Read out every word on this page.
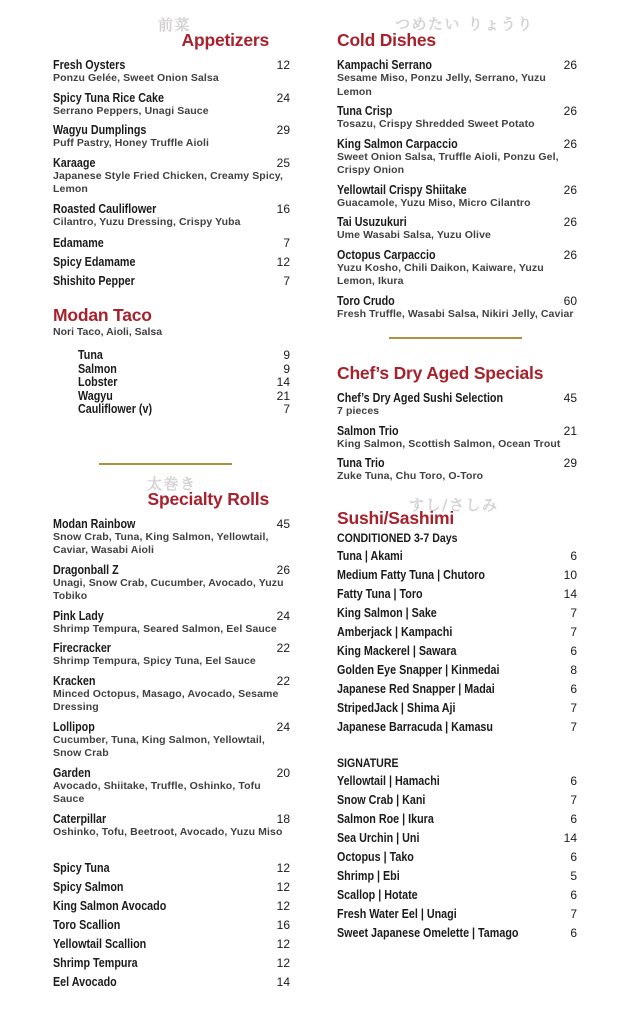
前菜
Appetizers
Fresh Oysters	12
Ponzu Gelée, Sweet Onion Salsa
Spicy Tuna Rice Cake	24
Serrano Peppers, Unagi Sauce
Wagyu Dumplings	29
Puff Pastry, Honey Truffle Aioli
Karaage	25
Japanese Style Fried Chicken, Creamy Spicy, Lemon
Roasted Cauliflower	16
Cilantro, Yuzu Dressing, Crispy Yuba
Edamame	7
Spicy Edamame	12
Shishito Pepper	7
Modan Taco
Nori Taco, Aioli, Salsa
Tuna	9
Salmon	9
Lobster	14
Wagyu	21
Cauliflower (v)	7
太巻き
Specialty Rolls
Modan Rainbow	45
Snow Crab, Tuna, King Salmon, Yellowtail, Caviar, Wasabi Aioli
Dragonball Z	26
Unagi, Snow Crab, Cucumber, Avocado, Yuzu Tobiko
Pink Lady	24
Shrimp Tempura, Seared Salmon, Eel Sauce
Firecracker	22
Shrimp Tempura, Spicy Tuna, Eel Sauce
Kracken	22
Minced Octopus, Masago, Avocado, Sesame Dressing
Lollipop	24
Cucumber, Tuna, King Salmon, Yellowtail, Snow Crab
Garden	20
Avocado, Shiitake, Truffle, Oshinko, Tofu Sauce
Caterpillar	18
Oshinko, Tofu, Beetroot, Avocado, Yuzu Miso
Spicy Tuna	12
Spicy Salmon	12
King Salmon Avocado	12
Toro Scallion	16
Yellowtail Scallion	12
Shrimp Tempura	12
Eel Avocado	14
つめたい りょうり
Cold Dishes
Kampachi Serrano	26
Sesame Miso, Ponzu Jelly, Serrano, Yuzu Lemon
Tuna Crisp	26
Tosazu, Crispy Shredded Sweet Potato
King Salmon Carpaccio	26
Sweet Onion Salsa, Truffle Aioli, Ponzu Gel, Crispy Onion
Yellowtail Crispy Shiitake	26
Guacamole, Yuzu Miso, Micro Cilantro
Tai Usuzukuri	26
Ume Wasabi Salsa, Yuzu Olive
Octopus Carpaccio	26
Yuzu Kosho, Chili Daikon, Kaiware, Yuzu Lemon, Ikura
Toro Crudo	60
Fresh Truffle, Wasabi Salsa, Nikiri Jelly, Caviar
Chef’s Dry Aged Specials
Chef’s Dry Aged Sushi Selection	45
7 pieces
Salmon Trio	21
King Salmon, Scottish Salmon, Ocean Trout
Tuna Trio	29
Zuke Tuna, Chu Toro, O-Toro
すし/さしみ
Sushi/Sashimi
CONDITIONED 3-7 Days
Tuna | Akami	6
Medium Fatty Tuna | Chutoro	10
Fatty Tuna | Toro	14
King Salmon | Sake	7
Amberjack | Kampachi	7
King Mackerel | Sawara	6
Golden Eye Snapper | Kinmedai	8
Japanese Red Snapper | Madai	6
StripedJack | Shima Aji	7
Japanese Barracuda | Kamasu	7
SIGNATURE
Yellowtail | Hamachi	6
Snow Crab | Kani	7
Salmon Roe | Ikura	6
Sea Urchin | Uni	14
Octopus | Tako	6
Shrimp | Ebi	5
Scallop | Hotate	6
Fresh Water Eel | Unagi	7
Sweet Japanese Omelette | Tamago	6
